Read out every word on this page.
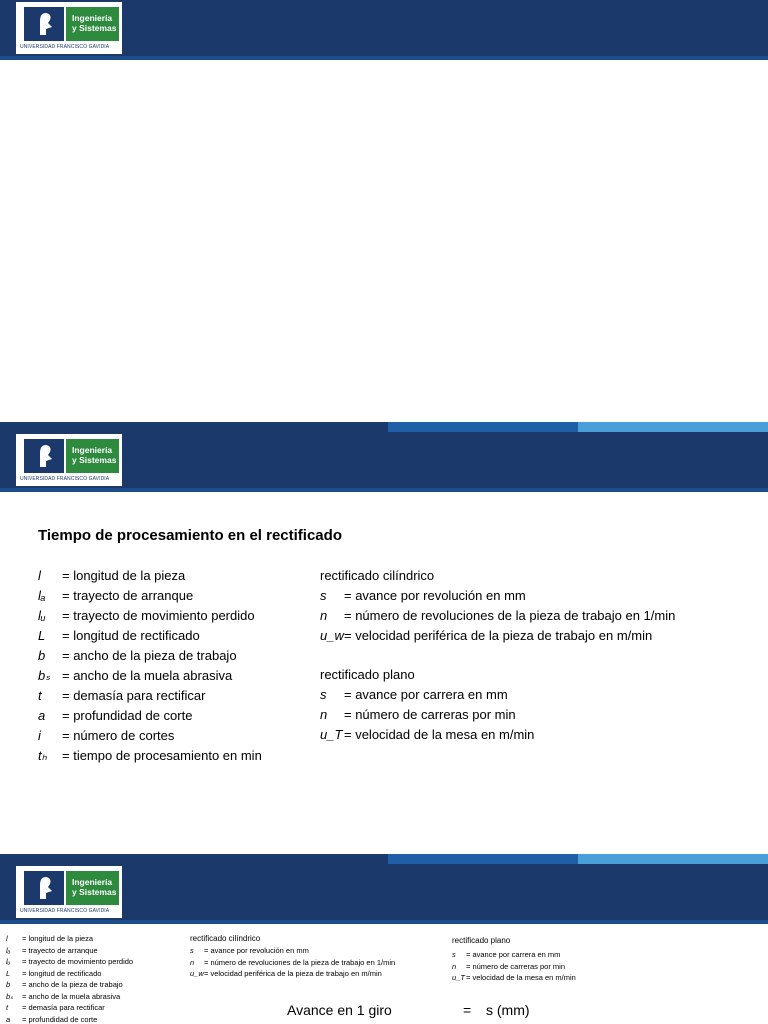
Ingeniería
y Sistemas
UNIVERSIDAD FRANCISCO GAVIDIA
Ingeniería
y Sistemas
UNIVERSIDAD FRANCISCO GAVIDIA
Tiempo de procesamiento en el rectificado
l = longitud de la pieza
lₐ = trayecto de arranque
lᵤ = trayecto de movimiento perdido
L = longitud de rectificado
b = ancho de la pieza de trabajo
bₛ = ancho de la muela abrasiva
t = demasía para rectificar
a = profundidad de corte
i = número de cortes
tₕ = tiempo de procesamiento en min
rectificado cilíndrico
s = avance por revolución en mm
n = número de revoluciones de la pieza de trabajo en 1/min
u_w = velocidad periférica de la pieza de trabajo en m/min
rectificado plano
s = avance por carrera en mm
n = número de carreras por min
u_T = velocidad de la mesa en m/min
Ingeniería
y Sistemas
UNIVERSIDAD FRANCISCO GAVIDIA
l = longitud de la pieza
lₐ = trayecto de arranque
lᵤ = trayecto de movimiento perdido
L = longitud de rectificado
b = ancho de la pieza de trabajo
bₛ = ancho de la muela abrasiva
t = demasía para rectificar
a = profundidad de corte
rectificado cilíndrico
s = avance por revolución en mm
n = número de revoluciones de la pieza de trabajo en 1/min
u_w = velocidad periférica de la pieza de trabajo en m/min
rectificado plano
s = avance por carrera en mm
n = número de carreras por min
u_T = velocidad de la mesa en m/min
Avance en 1 giro	= s (mm)
